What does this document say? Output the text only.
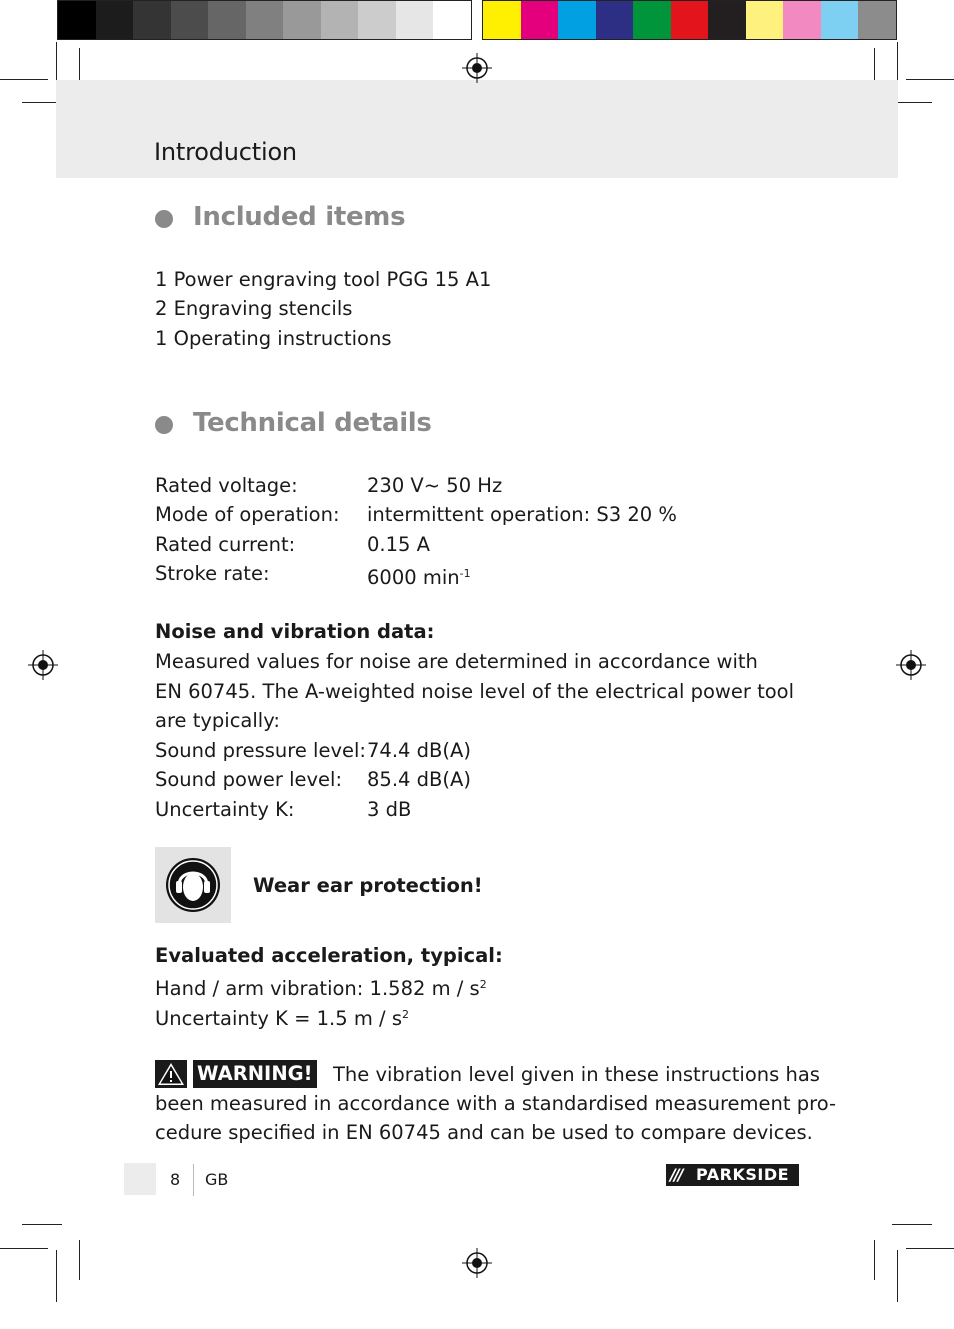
Introduction
Included items
1 Power engraving tool PGG 15 A1
2 Engraving stencils
1 Operating instructions
Technical details
Rated voltage:	230 V~ 50 Hz
Mode of operation: intermittent operation: S3 20 %
Rated current:	0.15 A
Stroke rate:	6000 $\min^{-1}$
Noise and vibration data:
Measured values for noise are determined in accordance with
EN 60745. The A-weighted noise level of the electrical power tool
are typically:
Sound pressure level: 74.4 dB(A)
Sound power level: 85.4 dB(A)
Uncertainty K:	3 dB
Wear ear protection!
Evaluated acceleration, typical:
Hand / arm vibration: 1.582 m / $s^2$
Uncertainty K = 1.5 m / $s^2$
WARNING! The vibration level given in these instructions has
been measured in accordance with a standardised measurement pro-
cedure specified in EN 60745 and can be used to compare devices.
8 GB	/// PARKSIDE
